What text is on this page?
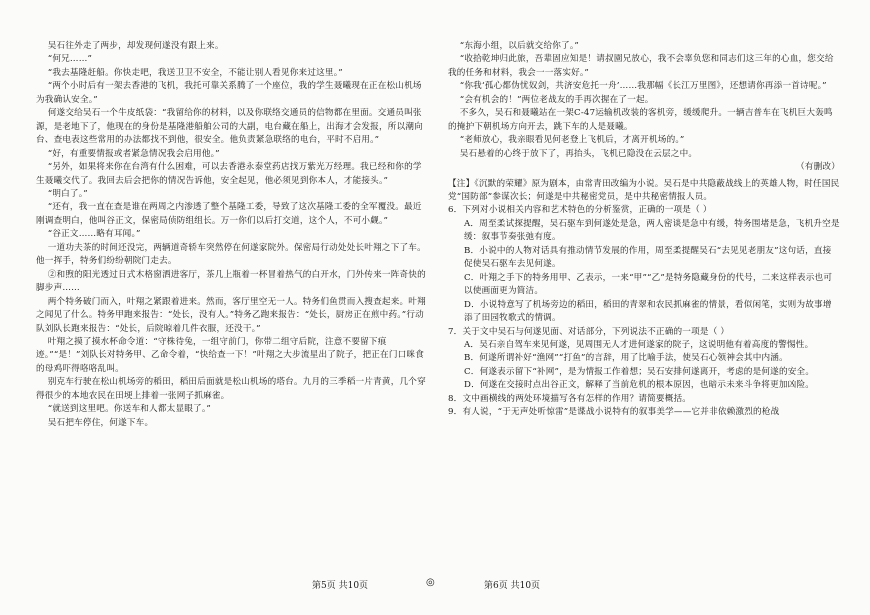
吴石往外走了两步，却发现何遂没有跟上来。

“何兄……”

“我去基隆赶船。你快走吧，我送卫卫不安全，不能让别人看见你来过这里。”

“两个小时后有一架去香港的飞机，我托可靠关系腾了一个座位，我的学生聂曦现在正在松山机场为我确认安全。”

何遂交给吴石一个牛皮纸袋：“我留给你的材料，以及你联络交通员的信物都在里面。交通员叫张源，是老地下了，他现在的身份是基隆港船舶公司的大副，电台藏在船上，出海才会发报，所以潮向台、查电表这些常用的办法都找不到他，很安全。他负责紧急联络的电台，平时不启用。”

“好，有重要情报或者紧急情况我会启用他。”

“另外，如果将来你在台湾有什么困难，可以去香港永泰堂药店找万紫光万经理。我已经和你的学生聂曦交代了。我回去后会把你的情况告诉他，安全起见，他必须见到你本人，才能接头。”

“明白了。”

“还有，我一直在查是谁在两周之内渗透了整个基隆工委，导致了这次基隆工委的全军覆没。最近刚调查明白，他叫谷正文，保密局侦防组组长。万一你们以后打交道，这个人，不可小觑。”

“谷正文……略有耳闻。”

一道功夫茶的时间还没完，两辆道奇轿车突然停在何遂家院外。保密局行动处处长叶翔之下了车。他一挥手，特务们纷纷朝院门走去。

②和煦的阳光透过日式木格窗洒进客厅，茶几上瓶着一杯冒着热气的白开水，门外传来一阵奇快的脚步声……

两个特务破门而入，叶翔之紧跟着进来。然而，客厅里空无一人。特务们鱼贯而入搜查起来。叶翔之闻见了什么。特务甲跑来报告：“处长，没有人。”特务乙跑来报告：“处长，厨房正在煎中药。”行动队刘队长跑来报告：“处长，后院晾着几件衣服，还没干。”

叶翔之摸了摸水杯命令道：“守株待兔，一组守前门，你带二组守后院，注意不要留下痕迹。”“是！”刘队长对特务甲、乙命令着，“快给查一下！”叶翔之大步流星出了院子，把正在门口咪食的母鸡吓得咯咯乱叫。

别克车行驶在松山机场旁的稻田，稻田后面就是松山机场的塔台。九月的三季稻一片青黄，几个穿得很少的本地农民在田埂上排着一张网子抓麻雀。

“就送到这里吧。你送车和人都太显眼了。”

吴石把车停住，何遂下车。

“东海小组，以后就交给你了。”

“收拾乾坤归此旅，吾辈固应知是！请叔園兄放心，我不会辜负您和同志们这三年的心血，您交给我的任务和材料，我会一一落实好。”

“你我‘孤心都伪忧奴剑，共济安危托一舟’……我那幅《长江万里图》，还想请你再添一首诗呢。”

“会有机会的！”两位老战友的手再次握在了一起。

不多久，吴石和聂曦站在一架C-47运输机改装的客机旁，缓缓爬升。一辆吉普车在飞机巨大轰鸣的掩护下朝机场方向开去，跳下车的人是聂曦。

“老师放心，我亲眼看见何老登上飞机后，才离开机场的。”

吴石悬着的心终于放下了，再抬头，飞机已隐没在云层之中。

（有删改）

【注】《沉默的荣耀》原为剧本，由常青田改编为小说。吴石是中共隐蔽战线上的英雄人物，时任国民党“国防部”参谋次长；何遂是中共秘密党员，是中共秘密情报人员。

6．下列对小说相关内容和艺术特色的分析鉴赏，正确的一项是（ ）

A．周至柔试探提醒，吴石驱车到何遂处是急，两人密谈是急中有缓，特务围堵是急，飞机升空是缓：叙事节奏张弛有度。

B．小说中的人物对话具有推动情节发展的作用，周至柔提醒吴石“去见见老朋友”这句话，直接促使吴石驱车去见何遂。

C．叶翔之手下的特务用甲、乙表示，一来“甲”“乙”是特务隐藏身份的代号，二来这样表示也可以使画面更为简洁。

D．小说特意写了机场旁边的稻田，稻田的青翠和农民抓麻雀的情景，看似闲笔，实则为故事增添了田园牧歌式的情调。

7．关于文中吴石与何遂见面、对话部分，下列说法不正确的一项是（ ）

A．吴石亲自驾车来见何遂，见周围无人才进何遂家的院子，这说明他有着高度的警惕性。

B．何遂所谓补好“渔网”“打鱼”的言辞，用了比喻手法，使吴石心领神会其中内涵。

C．何遂表示留下“补网”，是为情报工作着想；吴石安排何遂离开，考虑的是何遂的安全。

D．何遂在交接时点出谷正文，解释了当前危机的根本原因，也暗示未来斗争将更加凶险。

8．文中画横线的两处环境描写各有怎样的作用？请简要概括。

9．有人说，“于无声处听惊雷”是谍战小说特有的叙事美学——它并非依赖激烈的枪战

第5页 共10页	◎	第6页 共10页
